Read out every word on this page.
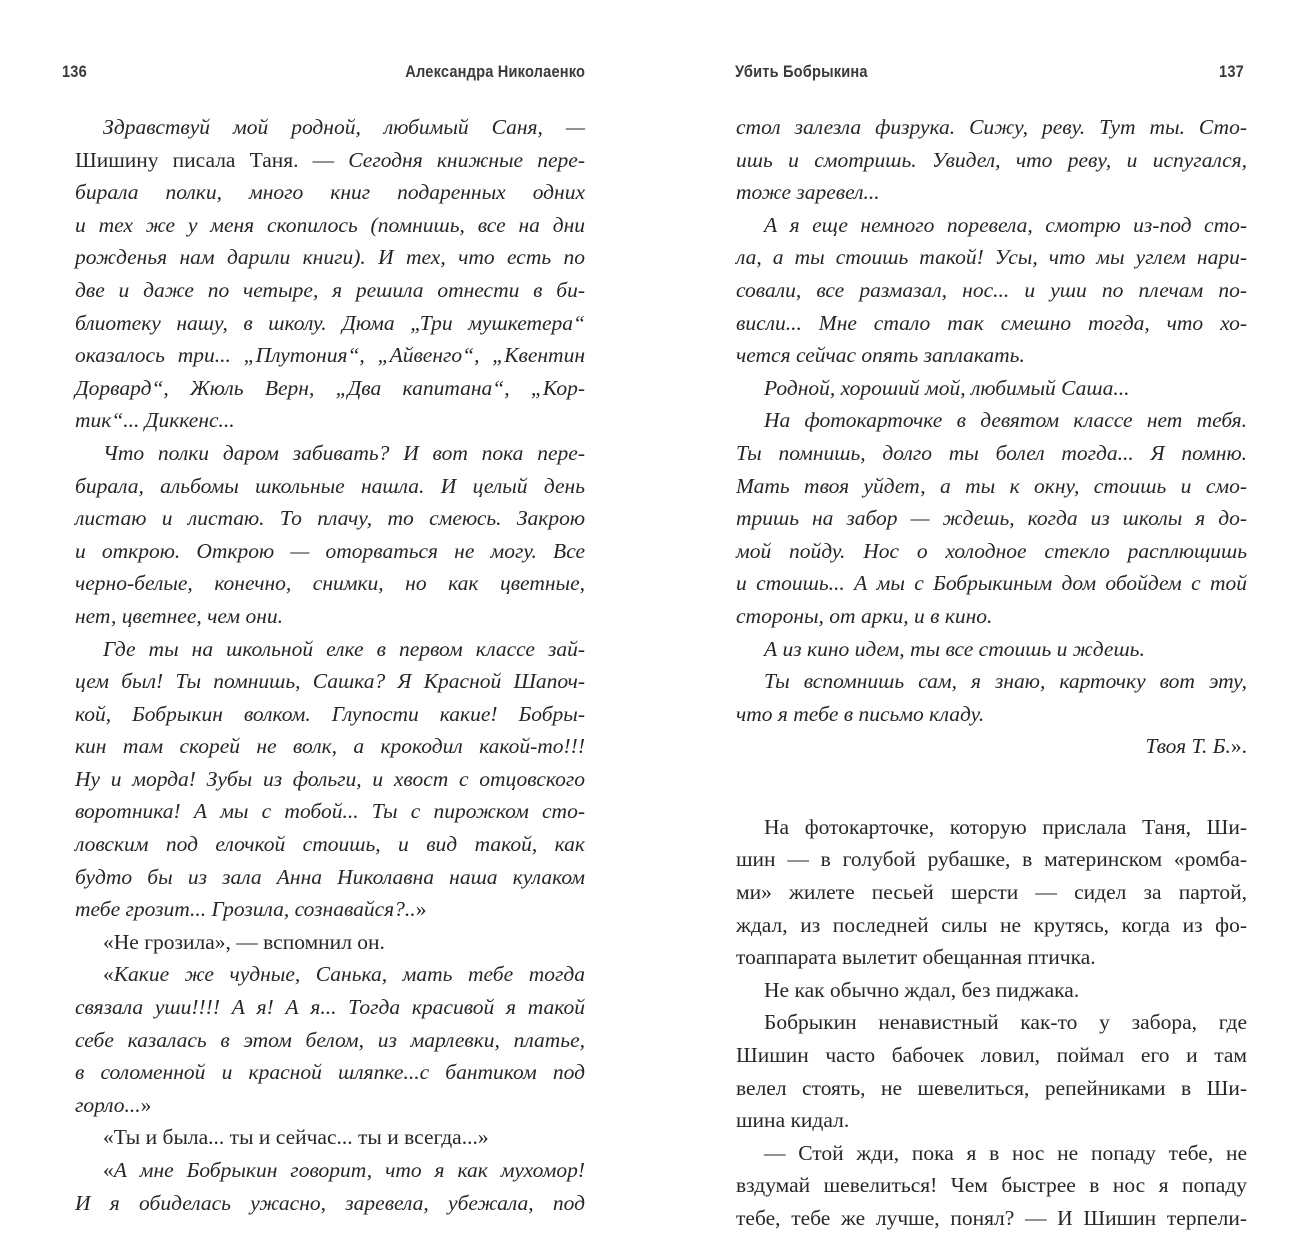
136	Александра Николаенко
Здравствуй мой родной, любимый Саня, —
Шишину писала Таня. — Сегодня книжные пере-
бирала полки, много книг подаренных одних
и тех же у меня скопилось (помнишь, все на дни
рожденья нам дарили книги). И тех, что есть по
две и даже по четыре, я решила отнести в би-
блиотеку нашу, в школу. Дюма „Три мушкетера“
оказалось три... „Плутония“, „Айвенго“, „Квентин
Дорвард“, Жюль Верн, „Два капитана“, „Кор-
тик“... Диккенс...
Что полки даром забивать? И вот пока пере-
бирала, альбомы школьные нашла. И целый день
листаю и листаю. То плачу, то смеюсь. Закрою
и открою. Открою — оторваться не могу. Все
черно-белые, конечно, снимки, но как цветные,
нет, цветнее, чем они.
Где ты на школьной елке в первом классе зай-
цем был! Ты помнишь, Сашка? Я Красной Шапоч-
кой, Бобрыкин волком. Глупости какие! Бобры-
кин там скорей не волк, а крокодил какой-то!!!
Ну и морда! Зубы из фольги, и хвост с отцовского
воротника! А мы с тобой... Ты с пирожком сто-
ловским под елочкой стоишь, и вид такой, как
будто бы из зала Анна Николавна наша кулаком
тебе грозит... Грозила, сознавайся?..»
«Не грозила», — вспомнил он.
«Какие же чудные, Санька, мать тебе тогда
связала уши!!!! А я! А я... Тогда красивой я такой
себе казалась в этом белом, из марлевки, платье,
в соломенной и красной шляпке...с бантиком под
горло...»
«Ты и была... ты и сейчас... ты и всегда...»
«А мне Бобрыкин говорит, что я как мухомор!
И я обиделась ужасно, заревела, убежала, под
Убить Бобрыкина	137
стол залезла физрука. Сижу, реву. Тут ты. Сто-
ишь и смотришь. Увидел, что реву, и испугался,
тоже заревел...
А я еще немного поревела, смотрю из-под сто-
ла, а ты стоишь такой! Усы, что мы углем нари-
совали, все размазал, нос... и уши по плечам по-
висли... Мне стало так смешно тогда, что хо-
чется сейчас опять заплакать.
Родной, хороший мой, любимый Саша...
На фотокарточке в девятом классе нет тебя.
Ты помнишь, долго ты болел тогда... Я помню.
Мать твоя уйдет, а ты к окну, стоишь и смо-
тришь на забор — ждешь, когда из школы я до-
мой пойду. Нос о холодное стекло расплющишь
и стоишь... А мы с Бобрыкиным дом обойдем с той
стороны, от арки, и в кино.
А из кино идем, ты все стоишь и ждешь.
Ты вспомнишь сам, я знаю, карточку вот эту,
что я тебе в письмо кладу.
Твоя Т. Б.».
На фотокарточке, которую прислала Таня, Ши-
шин — в голубой рубашке, в материнском «ромба-
ми» жилете песьей шерсти — сидел за партой,
ждал, из последней силы не крутясь, когда из фо-
тоаппарата вылетит обещанная птичка.
Не как обычно ждал, без пиджака.
Бобрыкин ненавистный как-то у забора, где
Шишин часто бабочек ловил, поймал его и там
велел стоять, не шевелиться, репейниками в Ши-
шина кидал.
— Стой жди, пока я в нос не попаду тебе, не
вздумай шевелиться! Чем быстрее в нос я попаду
тебе, тебе же лучше, понял? — И Шишин терпели-
